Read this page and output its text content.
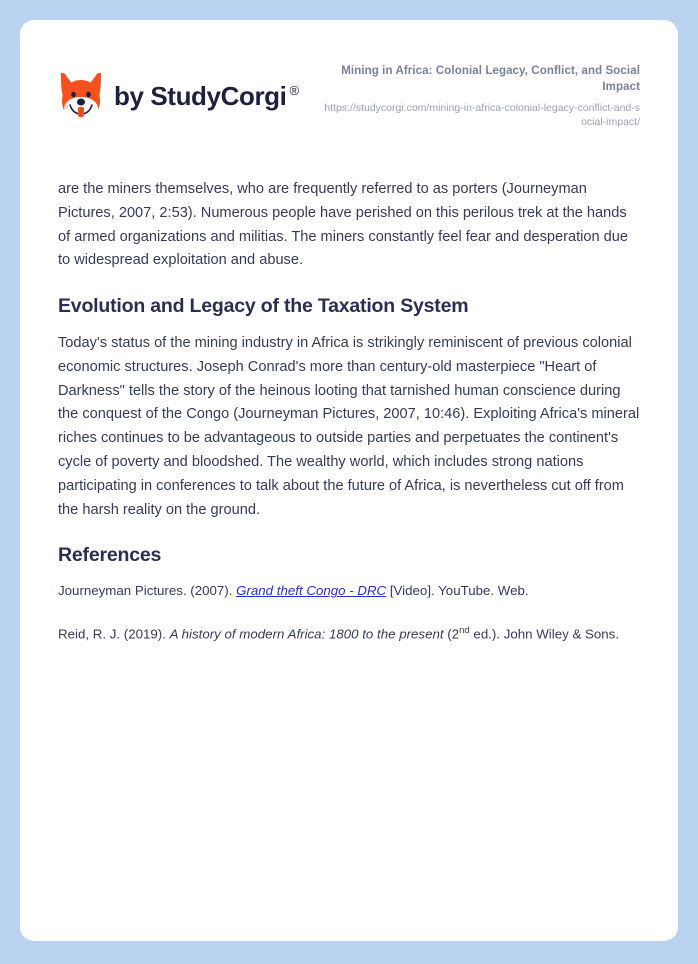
by StudyCorgi ®
Mining in Africa: Colonial Legacy, Conflict, and Social Impact
https://studycorgi.com/mining-in-africa-colonial-legacy-conflict-and-social-impact/

are the miners themselves, who are frequently referred to as porters (Journeyman Pictures, 2007, 2:53). Numerous people have perished on this perilous trek at the hands of armed organizations and militias. The miners constantly feel fear and desperation due to widespread exploitation and abuse.

Evolution and Legacy of the Taxation System

Today's status of the mining industry in Africa is strikingly reminiscent of previous colonial economic structures. Joseph Conrad's more than century-old masterpiece "Heart of Darkness" tells the story of the heinous looting that tarnished human conscience during the conquest of the Congo (Journeyman Pictures, 2007, 10:46). Exploiting Africa's mineral riches continues to be advantageous to outside parties and perpetuates the continent's cycle of poverty and bloodshed. The wealthy world, which includes strong nations participating in conferences to talk about the future of Africa, is nevertheless cut off from the harsh reality on the ground.

References

Journeyman Pictures. (2007). Grand theft Congo - DRC [Video]. YouTube. Web.

Reid, R. J. (2019). A history of modern Africa: 1800 to the present (2nd ed.). John Wiley & Sons.
